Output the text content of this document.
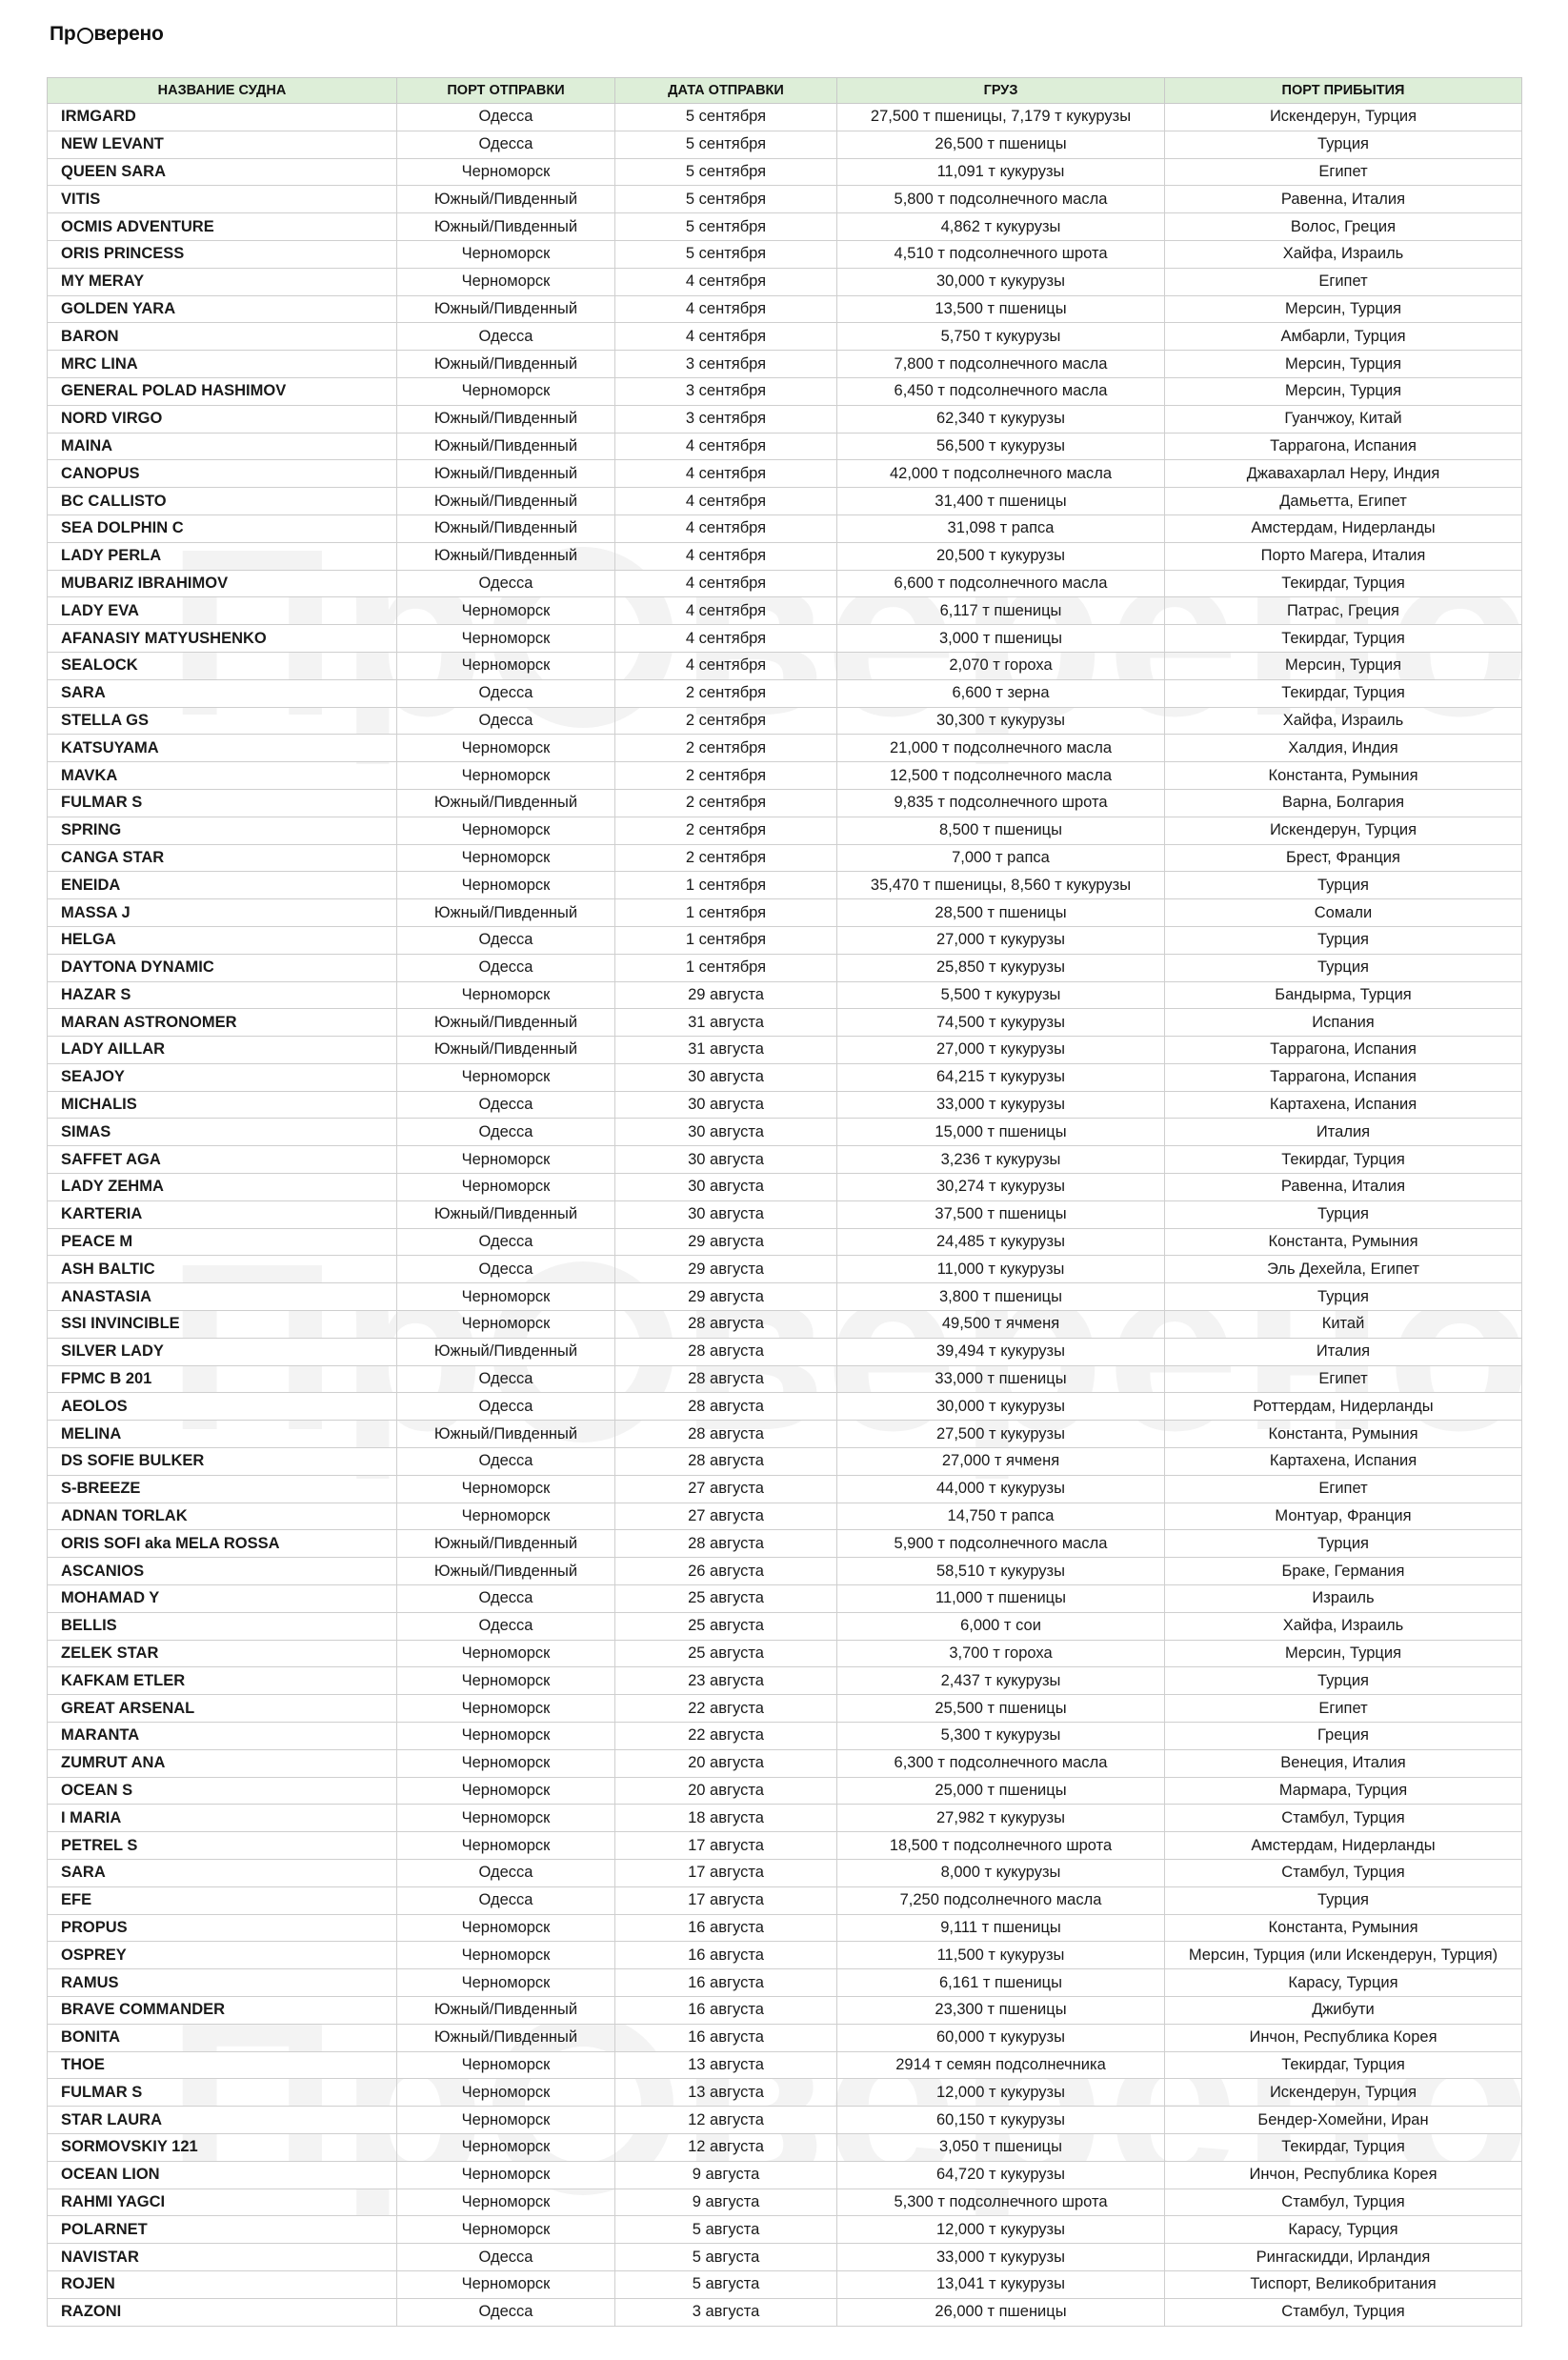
Пр верено
НАЗВАНИЕ СУДНА	ПОРТ ОТПРАВКИ	ДАТА ОТПРАВКИ	ГРУЗ	ПОРТ ПРИБЫТИЯ
IRMGARD	Одесса	5 сентября	27,500 т пшеницы, 7,179 т кукурузы	Искендерун, Турция
NEW LEVANT	Одесса	5 сентября	26,500 т пшеницы	Турция
QUEEN SARA	Черноморск	5 сентября	11,091 т кукурузы	Египет
VITIS	Южный/Пивденный	5 сентября	5,800 т подсолнечного масла	Равенна, Италия
OCMIS ADVENTURE	Южный/Пивденный	5 сентября	4,862 т кукурузы	Волос, Греция
ORIS PRINCESS	Черноморск	5 сентября	4,510 т подсолнечного шрота	Хайфа, Израиль
MY MERAY	Черноморск	4 сентября	30,000 т кукурузы	Египет
GOLDEN YARA	Южный/Пивденный	4 сентября	13,500 т пшеницы	Мерсин, Турция
BARON	Одесса	4 сентября	5,750 т кукурузы	Амбарли, Турция
MRC LINA	Южный/Пивденный	3 сентября	7,800 т подсолнечного масла	Мерсин, Турция
GENERAL POLAD HASHIMOV	Черноморск	3 сентября	6,450 т подсолнечного масла	Мерсин, Турция
NORD VIRGO	Южный/Пивденный	3 сентября	62,340 т кукурузы	Гуанчжоу, Китай
MAINA	Южный/Пивденный	4 сентября	56,500 т кукурузы	Таррагона, Испания
CANOPUS	Южный/Пивденный	4 сентября	42,000 т подсолнечного масла	Джавахарлал Неру, Индия
BC CALLISTO	Южный/Пивденный	4 сентября	31,400 т пшеницы	Дамьетта, Египет
SEA DOLPHIN C	Южный/Пивденный	4 сентября	31,098 т рапса	Амстердам, Нидерланды
LADY PERLA	Южный/Пивденный	4 сентября	20,500 т кукурузы	Порто Магера, Италия
MUBARIZ IBRAHIMOV	Одесса	4 сентября	6,600 т подсолнечного масла	Текирдаг, Турция
LADY EVA	Черноморск	4 сентября	6,117 т пшеницы	Патрас, Греция
AFANASIY MATYUSHENKO	Черноморск	4 сентября	3,000 т пшеницы	Текирдаг, Турция
SEALOCK	Черноморск	4 сентября	2,070 т гороха	Мерсин, Турция
SARA	Одесса	2 сентября	6,600 т зерна	Текирдаг, Турция
STELLA GS	Одесса	2 сентября	30,300 т кукурузы	Хайфа, Израиль
KATSUYAMA	Черноморск	2 сентября	21,000 т подсолнечного масла	Халдия, Индия
MAVKA	Черноморск	2 сентября	12,500 т подсолнечного масла	Константа, Румыния
FULMAR S	Южный/Пивденный	2 сентября	9,835 т подсолнечного шрота	Варна, Болгария
SPRING	Черноморск	2 сентября	8,500 т пшеницы	Искендерун, Турция
CANGA STAR	Черноморск	2 сентября	7,000 т рапса	Брест, Франция
ENEIDA	Черноморск	1 сентября	35,470 т пшеницы, 8,560 т кукурузы	Турция
MASSA J	Южный/Пивденный	1 сентября	28,500 т пшеницы	Сомали
HELGA	Одесса	1 сентября	27,000 т кукурузы	Турция
DAYTONA DYNAMIC	Одесса	1 сентября	25,850 т кукурузы	Турция
HAZAR S	Черноморск	29 августа	5,500 т кукурузы	Бандырма, Турция
MARAN ASTRONOMER	Южный/Пивденный	31 августа	74,500 т кукурузы	Испания
LADY AILLAR	Южный/Пивденный	31 августа	27,000 т кукурузы	Таррагона, Испания
SEAJOY	Черноморск	30 августа	64,215 т кукурузы	Таррагона, Испания
MICHALIS	Одесса	30 августа	33,000 т кукурузы	Картахена, Испания
SIMAS	Одесса	30 августа	15,000 т пшеницы	Италия
SAFFET AGA	Черноморск	30 августа	3,236 т кукурузы	Текирдаг, Турция
LADY ZEHMA	Черноморск	30 августа	30,274 т кукурузы	Равенна, Италия
KARTERIA	Южный/Пивденный	30 августа	37,500 т пшеницы	Турция
PEACE M	Одесса	29 августа	24,485 т кукурузы	Константа, Румыния
ASH BALTIC	Одесса	29 августа	11,000 т кукурузы	Эль Дехейла, Египет
ANASTASIA	Черноморск	29 августа	3,800 т пшеницы	Турция
SSI INVINCIBLE	Черноморск	28 августа	49,500 т ячменя	Китай
SILVER LADY	Южный/Пивденный	28 августа	39,494 т кукурузы	Италия
FPMC B 201	Одесса	28 августа	33,000 т пшеницы	Египет
AEOLOS	Одесса	28 августа	30,000 т кукурузы	Роттердам, Нидерланды
MELINA	Южный/Пивденный	28 августа	27,500 т кукурузы	Константа, Румыния
DS SOFIE BULKER	Одесса	28 августа	27,000 т ячменя	Картахена, Испания
S-BREEZE	Черноморск	27 августа	44,000 т кукурузы	Египет
ADNAN TORLAK	Черноморск	27 августа	14,750 т рапса	Монтуар, Франция
ORIS SOFI aka MELA ROSSA	Южный/Пивденный	28 августа	5,900 т подсолнечного масла	Турция
ASCANIOS	Южный/Пивденный	26 августа	58,510 т кукурузы	Браке, Германия
MOHAMAD Y	Одесса	25 августа	11,000 т пшеницы	Израиль
BELLIS	Одесса	25 августа	6,000 т сои	Хайфа, Израиль
ZELEK STAR	Черноморск	25 августа	3,700 т гороха	Мерсин, Турция
KAFKAM ETLER	Черноморск	23 августа	2,437 т кукурузы	Турция
GREAT ARSENAL	Черноморск	22 августа	25,500 т пшеницы	Египет
MARANTA	Черноморск	22 августа	5,300 т кукурузы	Греция
ZUMRUT ANA	Черноморск	20 августа	6,300 т подсолнечного масла	Венеция, Италия
OCEAN S	Черноморск	20 августа	25,000 т пшеницы	Мармара, Турция
I MARIA	Черноморск	18 августа	27,982 т кукурузы	Стамбул, Турция
PETREL S	Черноморск	17 августа	18,500 т подсолнечного шрота	Амстердам, Нидерланды
SARA	Одесса	17 августа	8,000 т кукурузы	Стамбул, Турция
EFE	Одесса	17 августа	7,250 подсолнечного масла	Турция
PROPUS	Черноморск	16 августа	9,111 т пшеницы	Константа, Румыния
OSPREY	Черноморск	16 августа	11,500 т кукурузы	Мерсин, Турция (или Искендерун, Турция)
RAMUS	Черноморск	16 августа	6,161 т пшеницы	Карасу, Турция
BRAVE COMMANDER	Южный/Пивденный	16 августа	23,300 т пшеницы	Джибути
BONITA	Южный/Пивденный	16 августа	60,000 т кукурузы	Инчон, Республика Корея
THOE	Черноморск	13 августа	2914 т семян подсолнечника	Текирдаг, Турция
FULMAR S	Черноморск	13 августа	12,000 т кукурузы	Искендерун, Турция
STAR LAURA	Черноморск	12 августа	60,150 т кукурузы	Бендер-Хомейни, Иран
SORMOVSKIY 121	Черноморск	12 августа	3,050 т пшеницы	Текирдаг, Турция
OCEAN LION	Черноморск	9 августа	64,720 т кукурузы	Инчон, Республика Корея
RAHMI YAGCI	Черноморск	9 августа	5,300 т подсолнечного шрота	Стамбул, Турция
POLARNET	Черноморск	5 августа	12,000 т кукурузы	Карасу, Турция
NAVISTAR	Одесса	5 августа	33,000 т кукурузы	Рингаскидди, Ирландия
ROJEN	Черноморск	5 августа	13,041 т кукурузы	Тиспорт, Великобритания
RAZONI	Одесса	3 августа	26,000 т пшеницы	Стамбул, Турция
